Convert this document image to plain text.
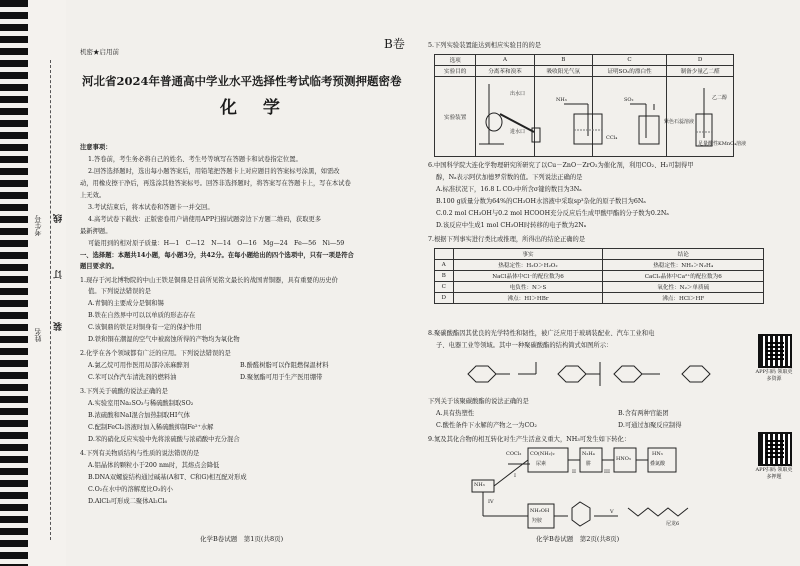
考生号 线
订
装
姓名
机密★启用前
B卷
河北省2024年普通高中学业水平选择性考试临考预测押题密卷
化 学
注意事项：
1.答卷前，考生务必将自己的姓名、考生号等填写在答题卡和试卷指定位置。
2.回答选择题时，选出每小题答案后，用铅笔把答题卡上对应题目的答案标号涂黑，如需改
动，用橡皮擦干净后，再选涂其他答案标号。回答非选择题时，将答案写在答题卡上，写在本试卷
上无效。
3.考试结束后，将本试卷和答题卡一并交回。
4.高考试卷下载找：正版密卷用户请使用APP扫描试题旁边下方题二维码，获取更多
最新押题。
可能用到的相对原子质量：H—1　C—12　N—14　O—16　Mg—24　Fe—56　Ni—59
一、选择题：本题共14小题，每小题3分，共42分。在每小题给出的四个选项中，只有一项是符合
题目要求的。
1.现存于河北博物院的中山王铁足铜鼎是目前所见铭文最长的战国青铜器，具有重要的历史价
值。下列说法错误的是
A.青铜的主要成分是铜和锡
B.铁在自然界中可以以单质的形态存在
C.该铜鼎的铁足对铜身有一定的保护作用
D.铁和铜在潮湿的空气中被腐蚀所得的产物均为氧化物
2.化学在各个领域都有广泛的应用。下列说法错误的是
A.氯乙烷可用作医用局部冷冻麻醉剂	B.酚醛树脂可以作阻燃保温材料
C.苯可以作汽车清洗剂的燃料油	D.聚氨酯可用于生产医用绷带
3.下列关于硫酸的说法正确的是
A.实验室用Na₂SO₃与稀硫酸制取SO₂
B.浓硫酸和NaI混合加热制取HI气体
C.配制FeCl₂溶液时加入稀硫酸抑制Fe²⁺水解
D.苯的硝化反应实验中先将浓硫酸与浓硝酸中充分混合
4.下列有关物质结构与性质的说法错误的是
A.铝晶体的颗粒小于200 nm时，其熔点会降低
B.DNA双螺旋结构通过碱基(A和T、C和G)相互配对形成
C.O₂在水中的溶解度比O₃的小
D.AlCl₃可形成二聚体Al₂Cl₆
化学B卷试题　第1页(共8页)
5.下列实验装置能达到相应实验目的的是
选项	A	B	C	D
实验目的	分离苯和溴苯	吸收阳光气氛	证明SO₂的漂白性	制备少量乙二醛
实验装置				
出水口
进水口
NH₃
CCl₄
SO₂
紫色石蕊溶液
乙二醇
足量酸性KMnO₄溶液
6.中国科学院大连化学物理研究所研究了以Cu－ZnO－ZrO₂为催化剂，利用CO₂、H₂可制得甲
醇，Nₐ表示阿伏加德罗常数的值。下列说法正确的是
A.标准状况下，16.8 L CO₂中所含σ键的数目为3Nₐ
B.100 g质量分数为64%的CH₃OH水溶液中采取sp³杂化的原子数目为6Nₐ
C.0.2 mol CH₃OH与0.2 mol HCOOH充分反应后生成甲酸甲酯的分子数为0.2Nₐ
D.该反应中生成1 mol CH₃OH时转移的电子数为2Nₐ
7.根据下列事实进行类比或推理，所得出的结论正确的是
	事实	结论
A	热稳定性：H₂O＞H₂O₂	热稳定性：NH₃＞N₂H₄
B	NaCl晶体中Cl⁻的配位数为6	CaCl₂晶体中Ca²⁺的配位数为6
C	电负性：N＞S	氧化性：N₂＞单质硫
D	沸点：HI＞HBr	沸点：HCl＞HF
8.聚碳酸酯因其优良的光学特性和韧性，被广泛应用于玻璃装配业、汽车工业和电
子、电器工业等领域。其中一种聚碳酸酯的结构简式如图所示：
下列关于该聚碳酸酯的说法正确的是
A.具有热塑性	B.含有两种官能团
C.酸性条件下水解的产物之一为CO₂	D.可通过加聚反应制得
9.氮及其化合物的相互转化对生产生活意义重大，NH₃可发生如下转化：
NH₃
COCl₂ CO(NH₂)₂
尿素
N₂H₄
肼
HNO₃
HN₃
叠氮酸
NH₂OH
羟胺	尼龙6
I
II	III
IV
V
APP扫码 领取更多资源
APP扫码 领取更多押题
化学B卷试题　第2页(共8页)
